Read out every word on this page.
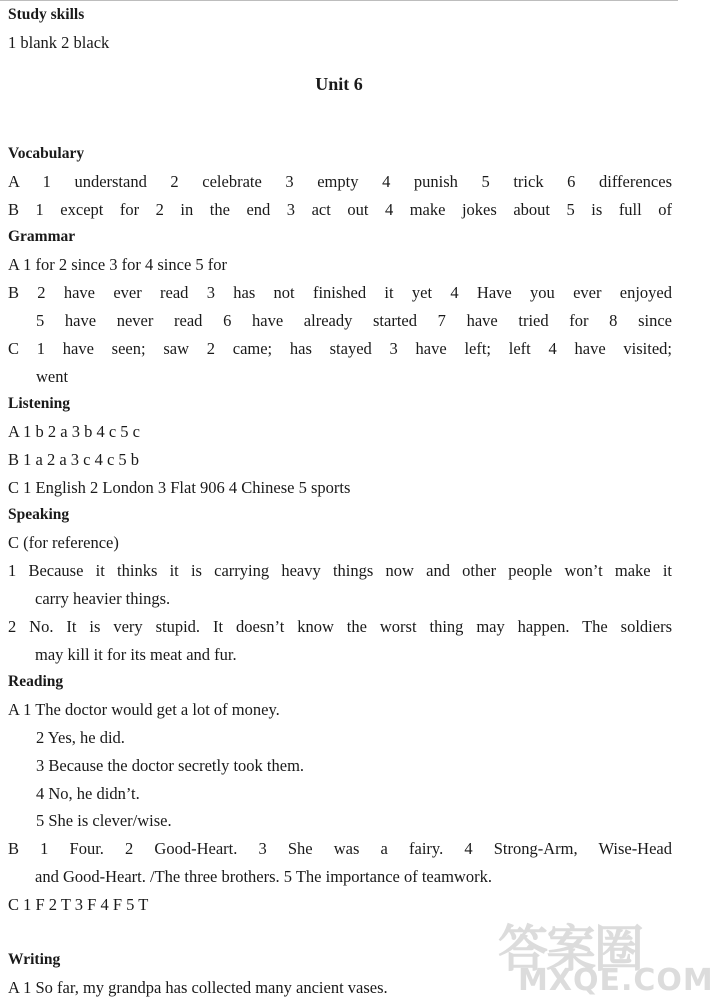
Study skills
1 blank 2 black
Unit 6
Vocabulary
A 1 understand 2 celebrate 3 empty 4 punish 5 trick 6 differences
B 1 except for 2 in the end 3 act out 4 make jokes about 5 is full of
Grammar
A 1 for 2 since 3 for 4 since 5 for
B 2 have ever read 3 has not finished it yet 4 Have you ever enjoyed
5 have never read 6 have already started 7 have tried for 8 since
C 1 have seen; saw 2 came; has stayed 3 have left; left 4 have visited;
went
Listening
A 1 b 2 a 3 b 4 c 5 c
B 1 a 2 a 3 c 4 c 5 b
C 1 English 2 London 3 Flat 906 4 Chinese 5 sports
Speaking
C (for reference)
1 Because it thinks it is carrying heavy things now and other people won’t make it
carry heavier things.
2 No. It is very stupid. It doesn’t know the worst thing may happen. The soldiers
may kill it for its meat and fur.
Reading
A 1 The doctor would get a lot of money.
2 Yes, he did.
3 Because the doctor secretly took them.
4 No, he didn’t.
5 She is clever/wise.
B 1 Four. 2 Good-Heart. 3 She was a fairy. 4 Strong-Arm, Wise-Head
and Good-Heart. /The three brothers. 5 The importance of teamwork.
C 1 F 2 T 3 F 4 F 5 T
Writing
A 1 So far, my grandpa has collected many ancient vases.
答案圈
MXQE.COM
